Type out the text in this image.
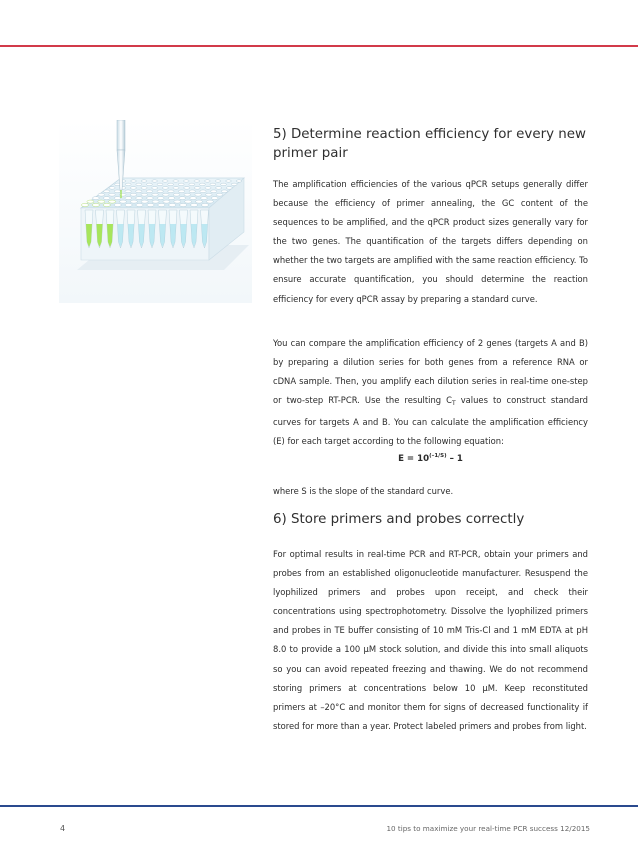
5) Determine reaction efficiency for every new primer pair

The amplification efficiencies of the various qPCR setups generally differ because the efficiency of primer annealing, the GC content of the sequences to be amplified, and the qPCR product sizes generally vary for the two genes. The quantification of the targets differs depending on whether the two targets are amplified with the same reaction efficiency. To ensure accurate quantification, you should determine the reaction efficiency for every qPCR assay by preparing a standard curve.

You can compare the amplification efficiency of 2 genes (targets A and B) by preparing a dilution series for both genes from a reference RNA or cDNA sample. Then, you amplify each dilution series in real-time one-step or two-step RT-PCR. Use the resulting $C_T$ values to construct standard curves for targets A and B. You can calculate the amplification efficiency (E) for each target according to the following equation:

$E = 10^{(-1/S)} - 1$

where S is the slope of the standard curve.

6) Store primers and probes correctly

For optimal results in real-time PCR and RT-PCR, obtain your primers and probes from an established oligonucleotide manufacturer. Resuspend the lyophilized primers and probes upon receipt, and check their concentrations using spectrophotometry. Dissolve the lyophilized primers and probes in TE buffer consisting of 10 mM Tris-Cl and 1 mM EDTA at pH 8.0 to provide a 100 µM stock solution, and divide this into small aliquots so you can avoid repeated freezing and thawing. We do not recommend storing primers at concentrations below 10 µM. Keep reconstituted primers at –20°C and monitor them for signs of decreased functionality if stored for more than a year. Protect labeled primers and probes from light.

4	10 tips to maximize your real-time PCR success 12/2015
